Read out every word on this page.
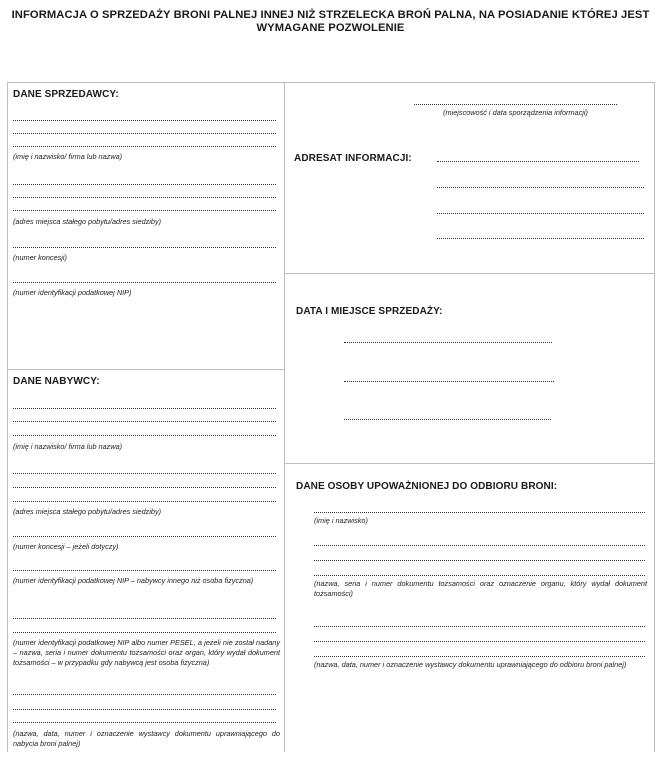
INFORMACJA O SPRZEDAŻY BRONI PALNEJ INNEJ NIŻ STRZELECKA BROŃ PALNA, NA POSIADANIE KTÓREJ JEST
WYMAGANE POZWOLENIE
DANE SPRZEDAWCY:
(imię i nazwisko/ firma lub nazwa)
(adres miejsca stałego pobytu/adres siedziby)
(numer koncesji)
(numer identyfikacji podatkowej NIP)
DANE NABYWCY:
(imię i nazwisko/ firma lub nazwa)
(adres miejsca stałego pobytu/adres siedziby)
(numer koncesji – jeżeli dotyczy)
(numer identyfikacji podatkowej NIP – nabywcy innego niż osoba fizyczna)
(numer identyfikacji podatkowej NIP albo numer PESEL, a jeżeli nie został nadany – nazwa, seria i numer dokumentu tożsamości oraz organ, który wydał dokument tożsamości – w przypadku gdy nabywcą jest osoba fizyczna)
(nazwa, data, numer i oznaczenie wystawcy dokumentu uprawniającego do nabycia broni palnej)
(miejscowość i data sporządzenia informacji)
ADRESAT INFORMACJI:
DATA I MIEJSCE SPRZEDAŻY:
DANE OSOBY UPOWAŻNIONEJ DO ODBIORU BRONI:
(imię i nazwisko)
(nazwa, seria i numer dokumentu tożsamości oraz oznaczenie organu, który wydał dokument tożsamości)
(nazwa, data, numer i oznaczenie wystawcy dokumentu uprawniającego do odbioru broni palnej)
